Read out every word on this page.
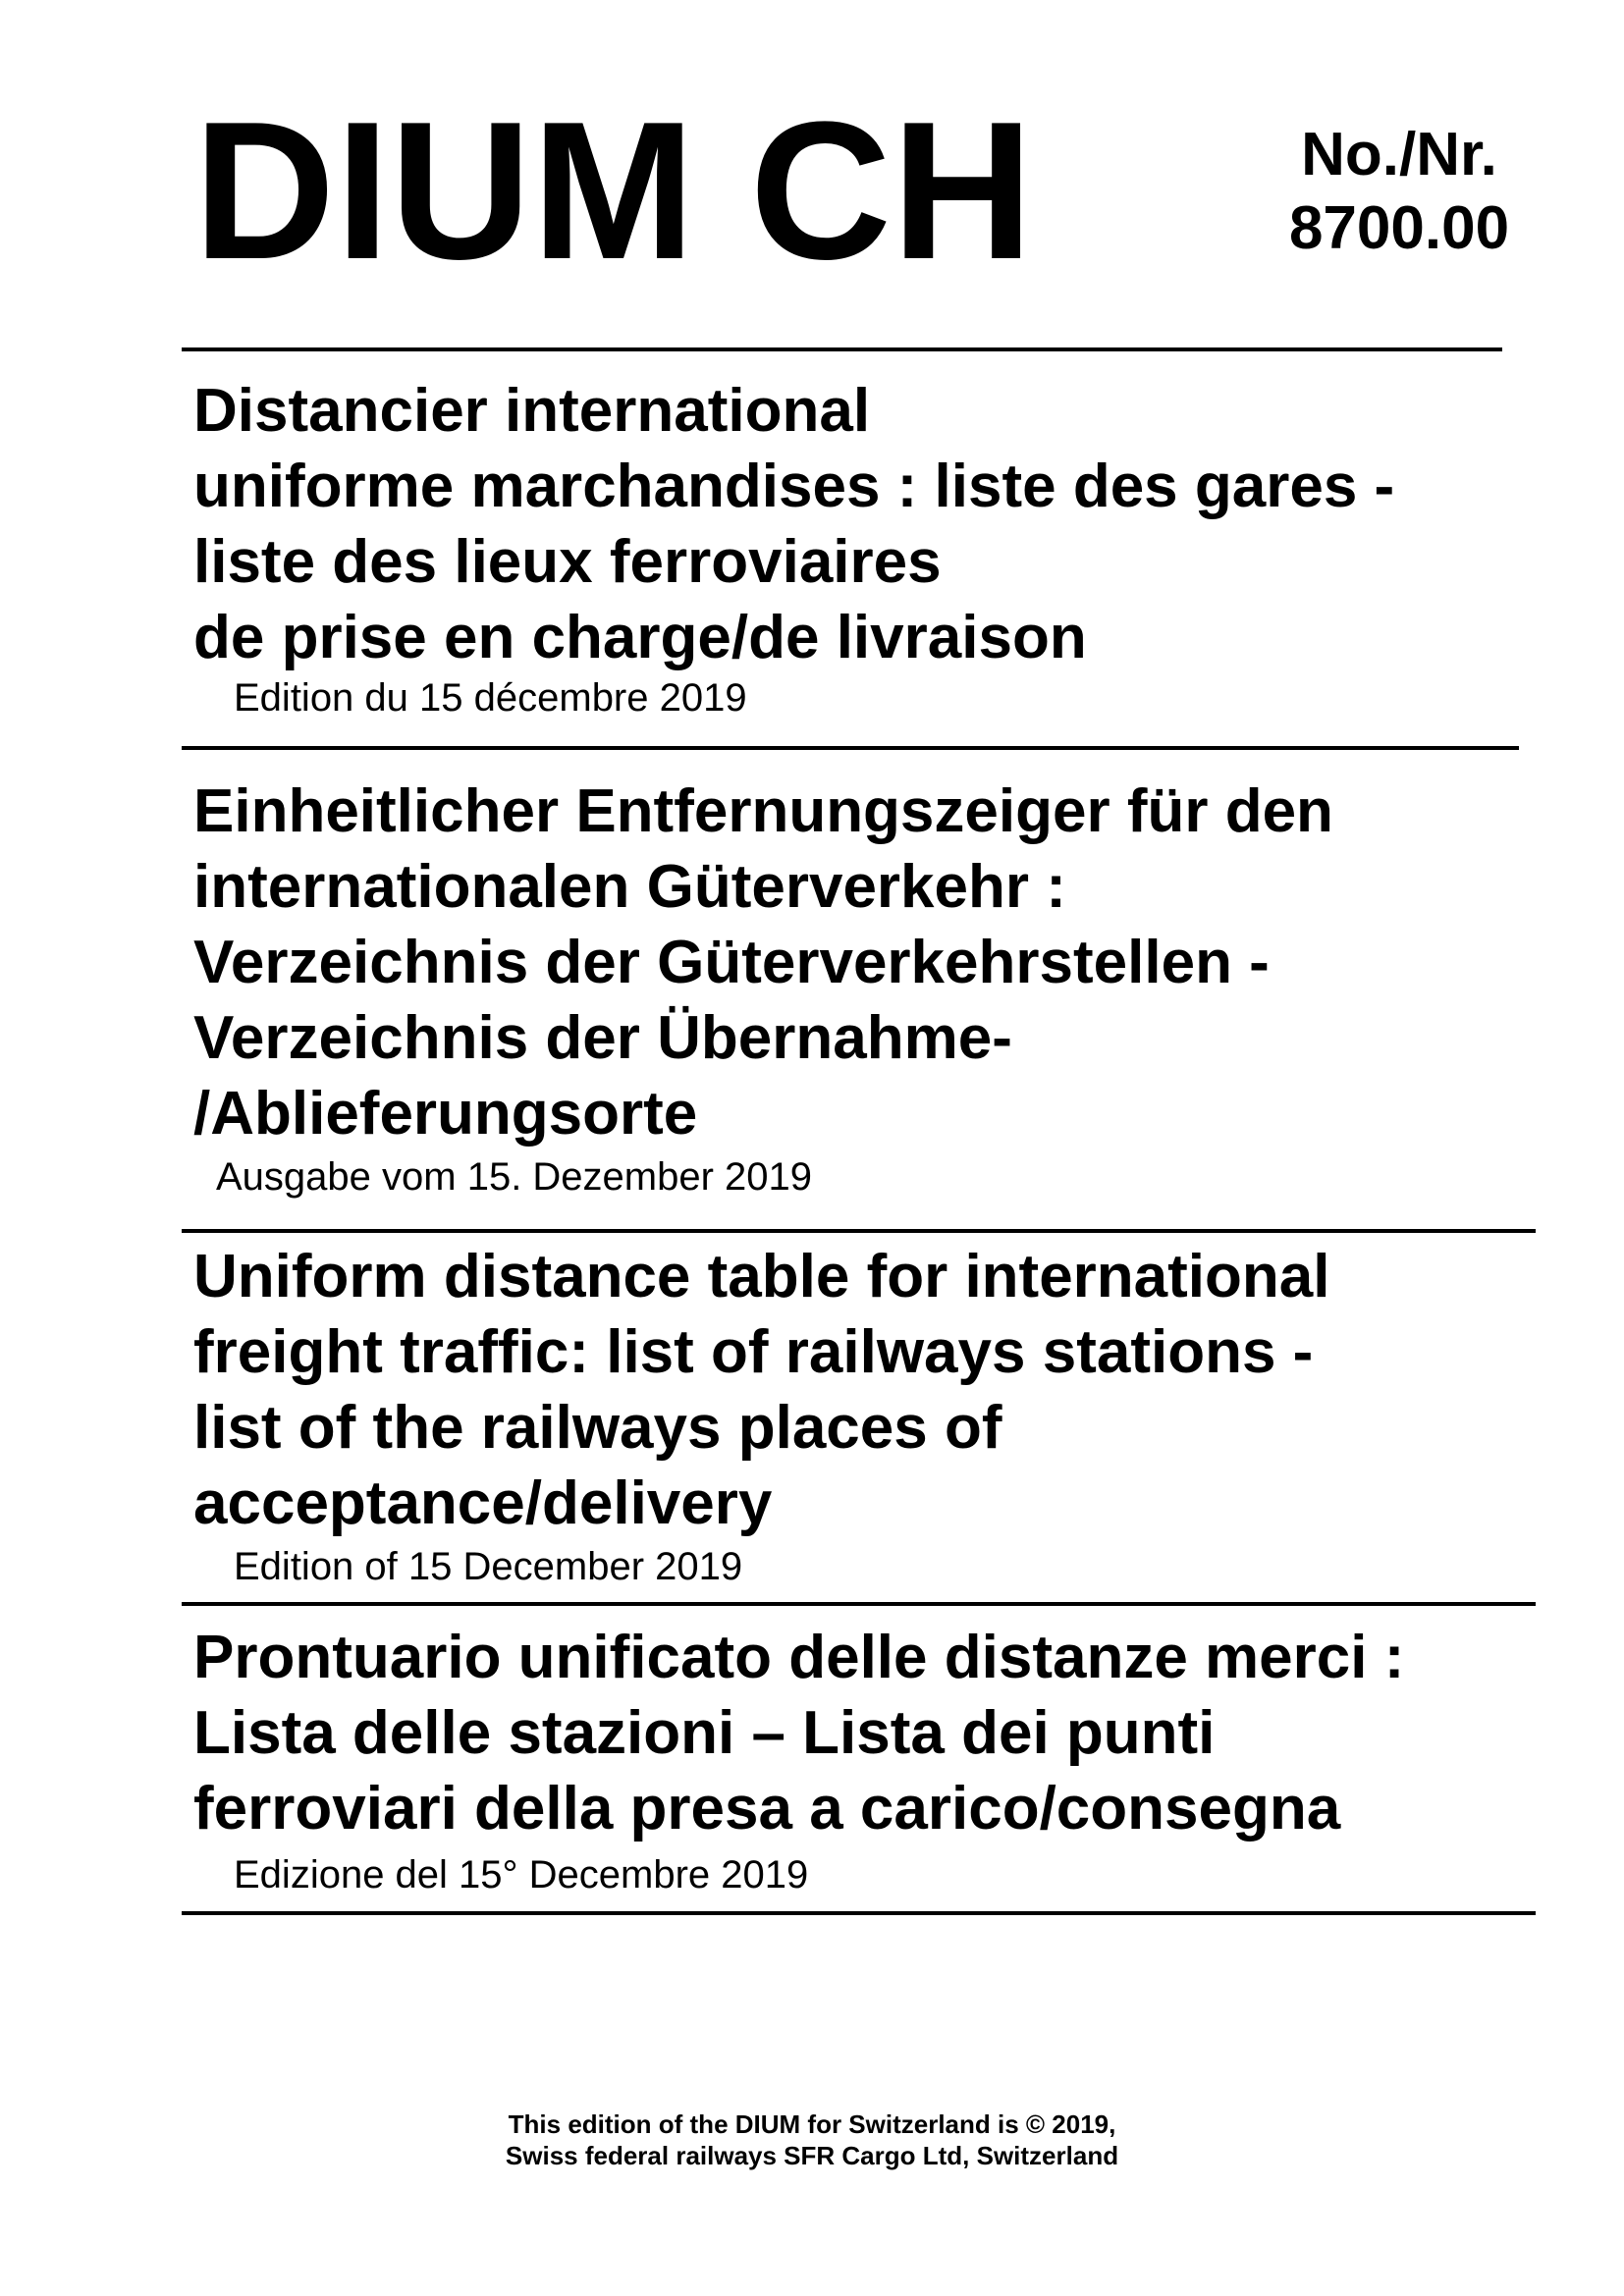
DIUM CH	No./Nr.
8700.00
Distancier international
uniforme marchandises : liste des gares -
liste des lieux ferroviaires
de prise en charge/de livraison
Edition du 15 décembre 2019
Einheitlicher Entfernungszeiger für den
internationalen Güterverkehr :
Verzeichnis der Güterverkehrstellen -
Verzeichnis der Übernahme-
/Ablieferungsorte
Ausgabe vom 15. Dezember 2019
Uniform distance table for international
freight traffic: list of railways stations -
list of the railways places of
acceptance/delivery
Edition of 15 December 2019
Prontuario unificato delle distanze merci :
Lista delle stazioni – Lista dei punti
ferroviari della presa a carico/consegna
Edizione del 15° Decembre 2019
This edition of the DIUM for Switzerland is © 2019,
Swiss federal railways SFR Cargo Ltd, Switzerland
